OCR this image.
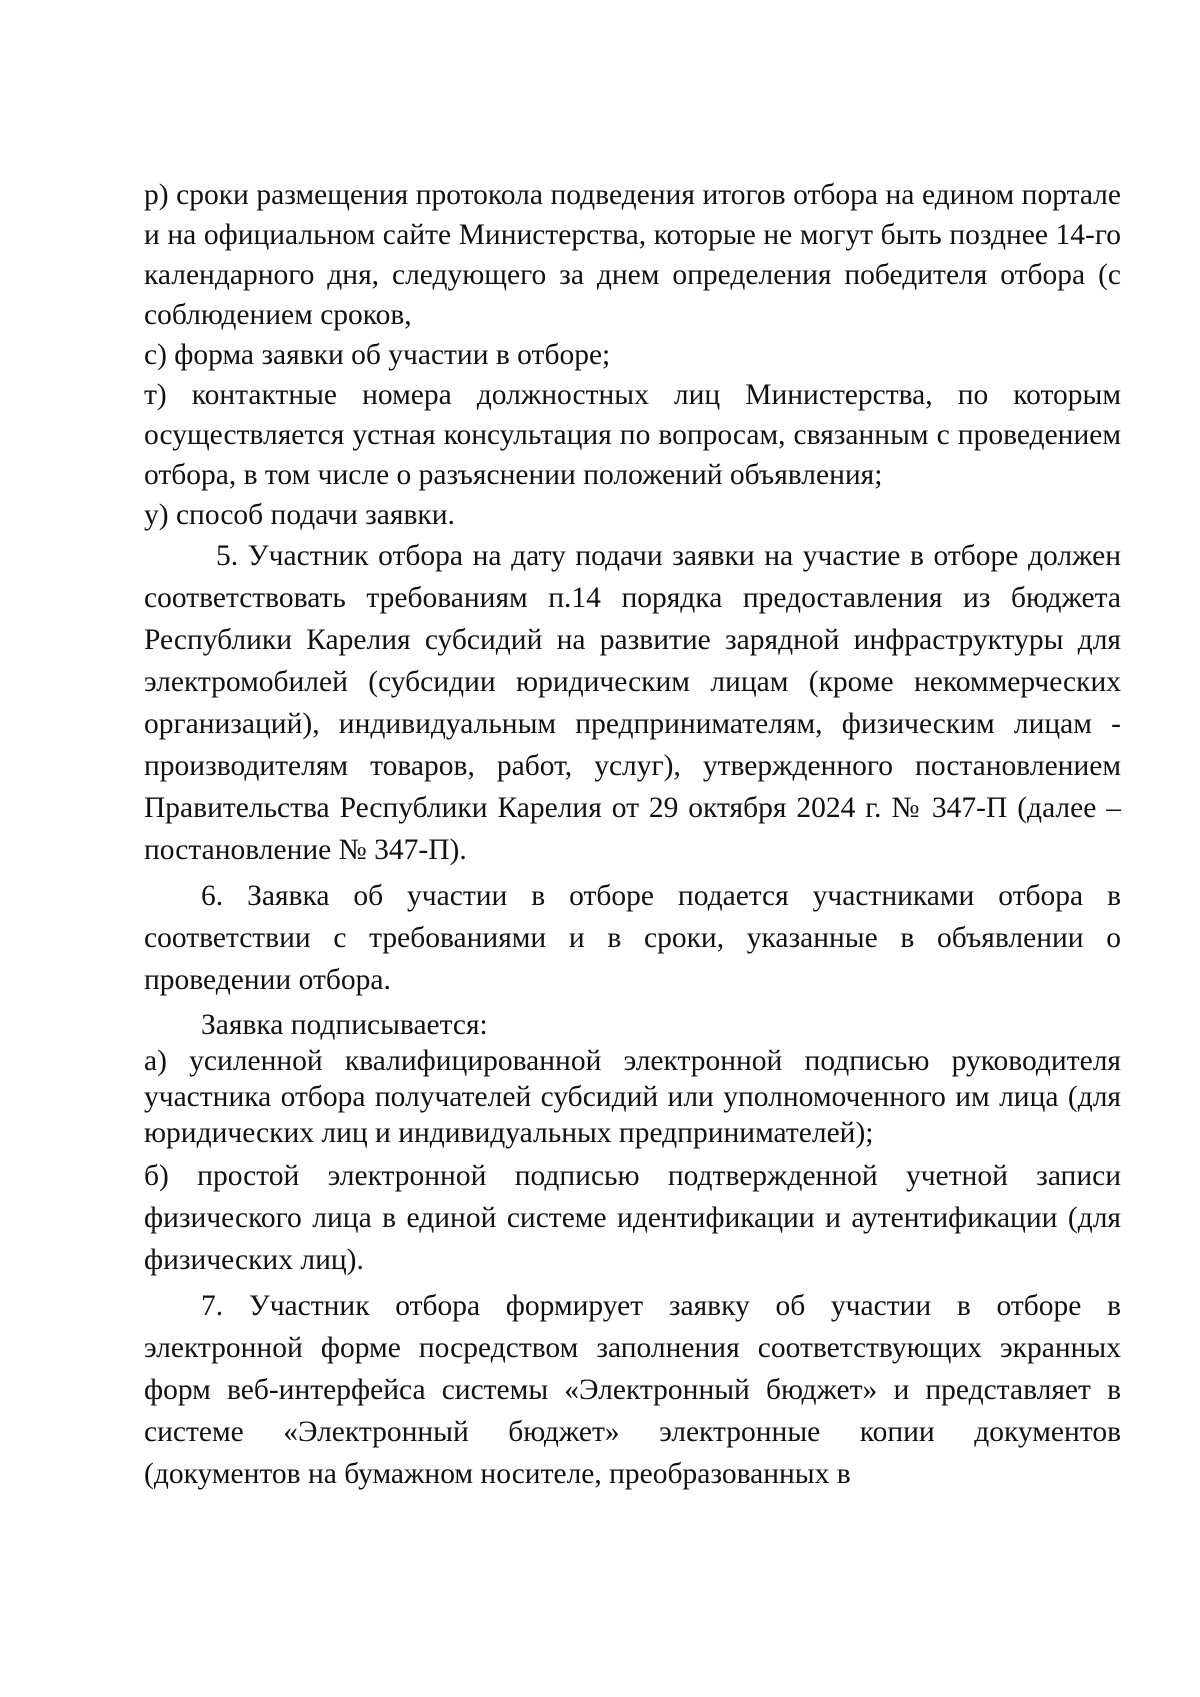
р) сроки размещения протокола подведения итогов отбора на едином портале и на официальном сайте Министерства, которые не могут быть позднее 14-го календарного дня, следующего за днем определения победителя отбора (с соблюдением сроков,

с) форма заявки об участии в отборе;

т) контактные номера должностных лиц Министерства, по которым осуществляется устная консультация по вопросам, связанным с проведением отбора, в том числе о разъяснении положений объявления;

у) способ подачи заявки.

5. Участник отбора на дату подачи заявки на участие в отборе должен соответствовать требованиям п.14 порядка предоставления из бюджета Республики Карелия субсидий на развитие зарядной инфраструктуры для электромобилей (субсидии юридическим лицам (кроме некоммерческих организаций), индивидуальным предпринимателям, физическим лицам - производителям товаров, работ, услуг), утвержденного постановлением Правительства Республики Карелия от 29 октября 2024 г. № 347-П (далее – постановление № 347-П).

6. Заявка об участии в отборе подается участниками отбора в соответствии с требованиями и в сроки, указанные в объявлении о проведении отбора.

Заявка подписывается:

а) усиленной квалифицированной электронной подписью руководителя участника отбора получателей субсидий или уполномоченного им лица (для юридических лиц и индивидуальных предпринимателей);

б) простой электронной подписью подтвержденной учетной записи физического лица в единой системе идентификации и аутентификации (для физических лиц).

7. Участник отбора формирует заявку об участии в отборе в электронной форме посредством заполнения соответствующих экранных форм веб-интерфейса системы «Электронный бюджет» и представляет в системе «Электронный бюджет» электронные копии документов (документов на бумажном носителе, преобразованных в
